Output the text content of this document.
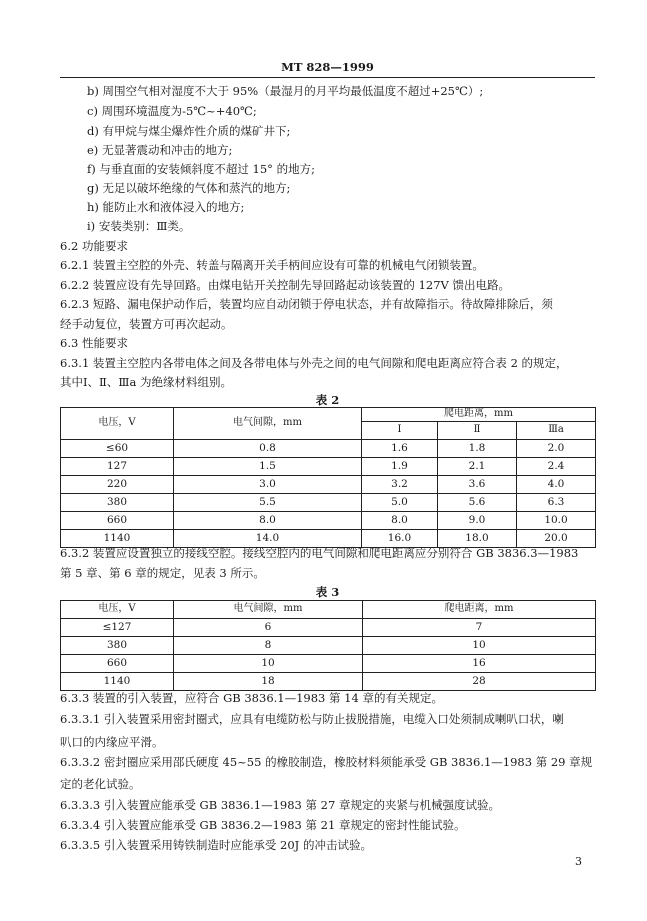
MT 828—1999
b) 周围空气相对湿度不大于 95%（最湿月的月平均最低温度不超过+25℃）;
c) 周围环境温度为-5℃~+40℃;
d) 有甲烷与煤尘爆炸性介质的煤矿井下;
e) 无显著震动和冲击的地方;
f) 与垂直面的安装倾斜度不超过 15° 的地方;
g) 无足以破坏绝缘的气体和蒸汽的地方;
h) 能防止水和液体浸入的地方;
i) 安装类别：Ⅲ类。
6.2 功能要求
6.2.1 装置主空腔的外壳、转盖与隔离开关手柄间应设有可靠的机械电气闭锁装置。
6.2.2 装置应设有先导回路。由煤电钻开关控制先导回路起动该装置的 127V 馈出电路。
6.2.3 短路、漏电保护动作后，装置均应自动闭锁于停电状态，并有故障指示。待故障排除后，须
经手动复位，装置方可再次起动。
6.3 性能要求
6.3.1 装置主空腔内各带电体之间及各带电体与外壳之间的电气间隙和爬电距离应符合表 2 的规定，
其中Ⅰ、Ⅱ、Ⅲa 为绝缘材料组别。
表 2
电压，V	电气间隙，mm	爬电距离，mm		
		Ⅰ	Ⅱ	Ⅲa
≤60	0.8	1.6	1.8	2.0
127	1.5	1.9	2.1	2.4
220	3.0	3.2	3.6	4.0
380	5.5	5.0	5.6	6.3
660	8.0	8.0	9.0	10.0
1140	14.0	16.0	18.0	20.0
6.3.2 装置应设置独立的接线空腔。接线空腔内的电气间隙和爬电距离应分别符合 GB 3836.3—1983
第 5 章、第 6 章的规定，见表 3 所示。
表 3
电压，V	电气间隙，mm	爬电距离，mm
≤127	6	7
380	8	10
660	10	16
1140	18	28
6.3.3 装置的引入装置，应符合 GB 3836.1—1983 第 14 章的有关规定。
6.3.3.1 引入装置采用密封圈式，应具有电缆防松与防止拔脱措施，电缆入口处须制成喇叭口状，喇
叭口的内缘应平滑。
6.3.3.2 密封圈应采用邵氏硬度 45~55 的橡胶制造，橡胶材料须能承受 GB 3836.1—1983 第 29 章规
定的老化试验。
6.3.3.3 引入装置应能承受 GB 3836.1—1983 第 27 章规定的夹紧与机械强度试验。
6.3.3.4 引入装置应能承受 GB 3836.2—1983 第 21 章规定的密封性能试验。
6.3.3.5 引入装置采用铸铁制造时应能承受 20J 的冲击试验。
3
